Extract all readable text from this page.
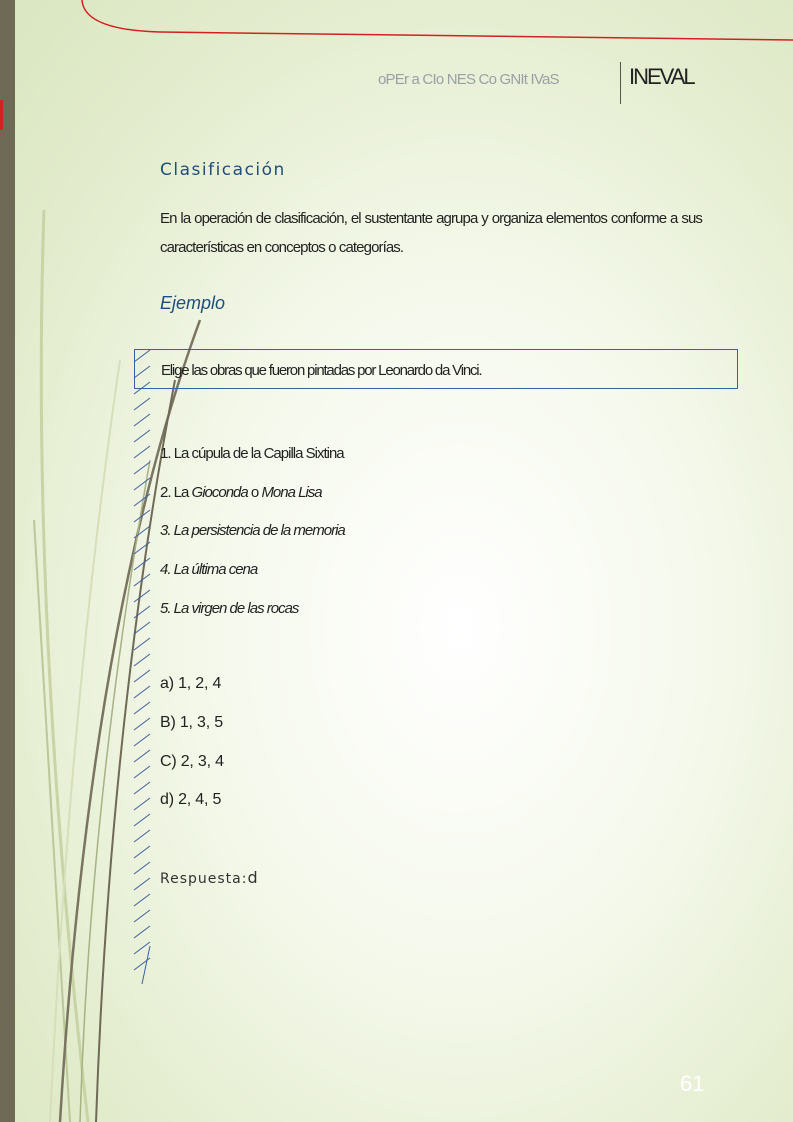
oPEr a CIo NES Co GNIt IVaS	INEVAL
Clasificación
En la operación de clasificación, el sustentante agrupa y organiza elementos conforme a sus características en conceptos o categorías.
Ejemplo
Elige las obras que fueron pintadas por Leonardo da Vinci.
1. La cúpula de la Capilla Sixtina
2. La Gioconda o Mona Lisa
3. La persistencia de la memoria
4. La última cena
5. La virgen de las rocas
a) 1, 2, 4
B) 1, 3, 5
C) 2, 3, 4
d) 2, 4, 5
Respuesta:d
61
